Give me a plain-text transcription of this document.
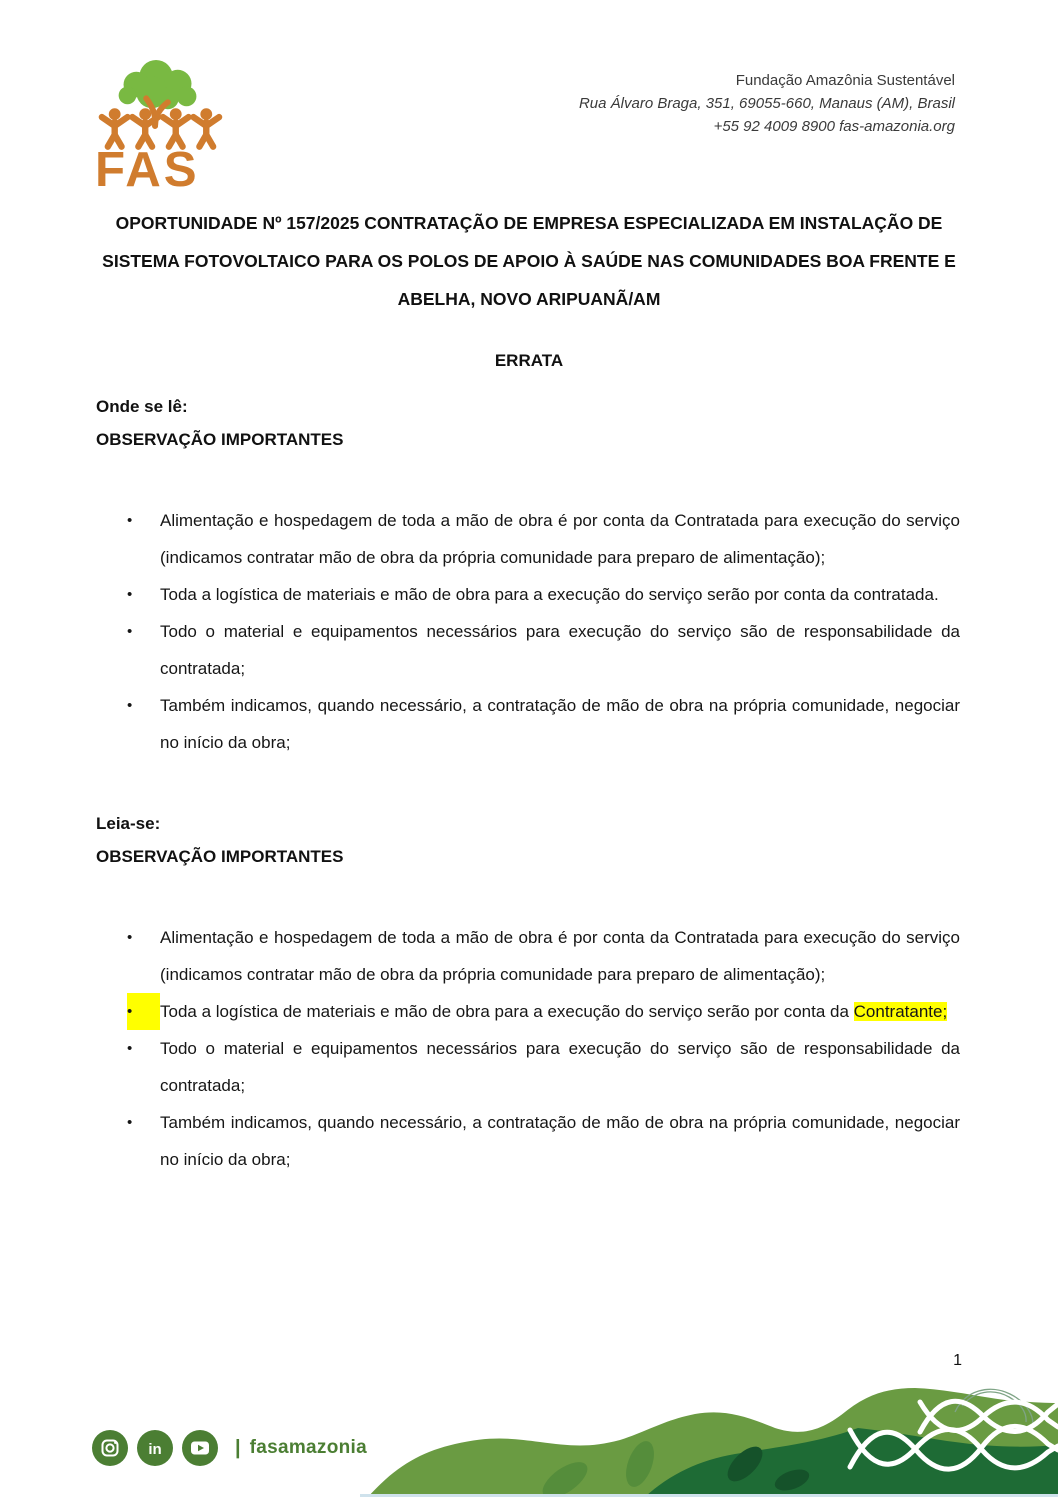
FAS
Fundação Amazônia Sustentável
Rua Álvaro Braga, 351, 69055-660, Manaus (AM), Brasil
+55 92 4009 8900 fas-amazonia.org
OPORTUNIDADE Nº 157/2025 CONTRATAÇÃO DE EMPRESA ESPECIALIZADA EM INSTALAÇÃO DE
SISTEMA FOTOVOLTAICO PARA OS POLOS DE APOIO À SAÚDE NAS COMUNIDADES BOA FRENTE E
ABELHA, NOVO ARIPUANÃ/AM
ERRATA

Onde se lê:

OBSERVAÇÃO IMPORTANTES

•	Alimentação e hospedagem de toda a mão de obra é por conta da Contratada para execução do serviço (indicamos contratar mão de obra da própria comunidade para preparo de alimentação);
•	Toda a logística de materiais e mão de obra para a execução do serviço serão por conta da contratada.
•	Todo o material e equipamentos necessários para execução do serviço são de responsabilidade da contratada;
•	Também indicamos, quando necessário, a contratação de mão de obra na própria comunidade, negociar no início da obra;

Leia-se:

OBSERVAÇÃO IMPORTANTES

•	Alimentação e hospedagem de toda a mão de obra é por conta da Contratada para execução do serviço (indicamos contratar mão de obra da própria comunidade para preparo de alimentação);
•	Toda a logística de materiais e mão de obra para a execução do serviço serão por conta da Contratante;
•	Todo o material e equipamentos necessários para execução do serviço são de responsabilidade da contratada;
•	Também indicamos, quando necessário, a contratação de mão de obra na própria comunidade, negociar no início da obra;
1
in	| fasamazonia
